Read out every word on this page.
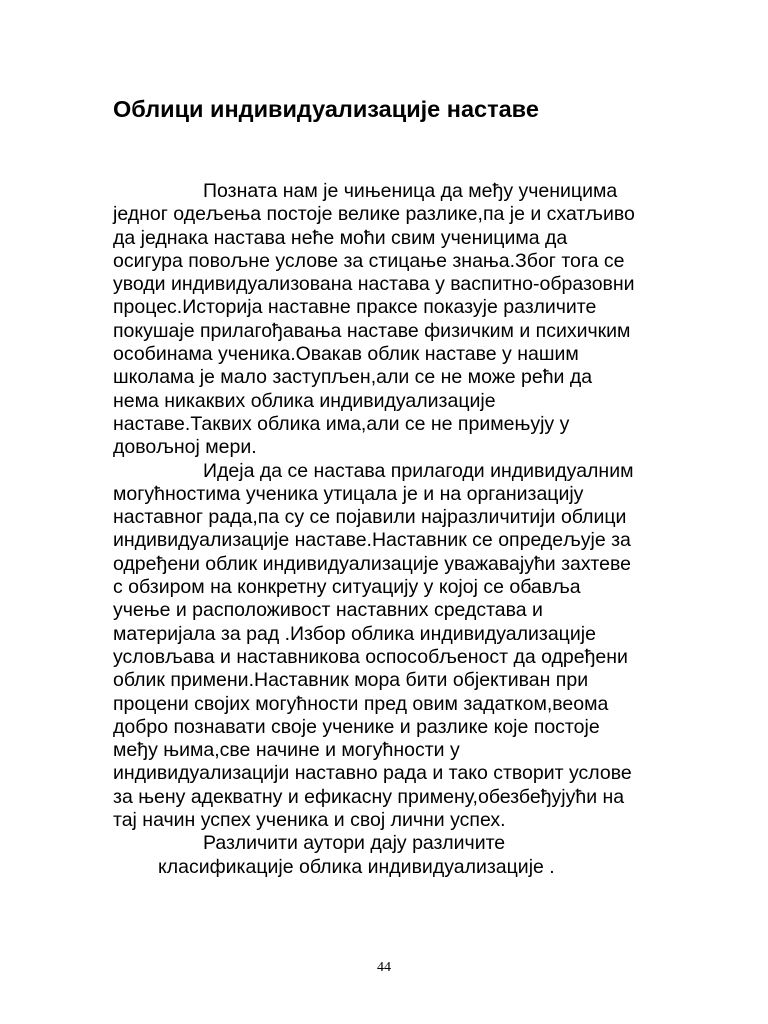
Облици индивидуализације наставе

Позната нам је чињеница да међу ученицима
једног одељења постоје велике разлике,па је и схатљиво
да једнака настава неће моћи свим ученицима да
осигура повољне услове за стицање знања.Због тога се
уводи индивидуализована настава у васпитно-образовни
процес.Историја наставне праксе показује различите
покушаје прилагођавања наставе физичким и психичким
особинама ученика.Овакав облик наставе у нашим
школама је мало заступљен,али се не може рећи да
нема никаквих облика индивидуализације
наставе.Таквих облика има,али се не примењују у
довољној мери.

Идеја да се настава прилагоди индивидуалним
могућностима ученика утицала је и на организацију
наставног рада,па су се појавили најразличитији облици
индивидуализације наставе.Наставник се опредељује за
одређени облик индивидуализације уважавајући захтеве
с обзиром на конкретну ситуацију у којој се обавља
учење и расположивост наставних средстава и
материјала за рад .Избор облика индивидуализације
условљава и наставникова оспособљеност да одређени
облик примени.Наставник мора бити објективан при
процени својих могућности пред овим задатком,веома
добро познавати своје ученике и разлике које постоје
међу њима,све начине и могућности у
индивидуализацији наставно рада и тако створит услове
за њену адекватну и ефикасну примену,обезбеђујући на
тај начин успех ученика и свој лични успех.

Различити аутори дају различите
класификације облика индивидуализације .

44
